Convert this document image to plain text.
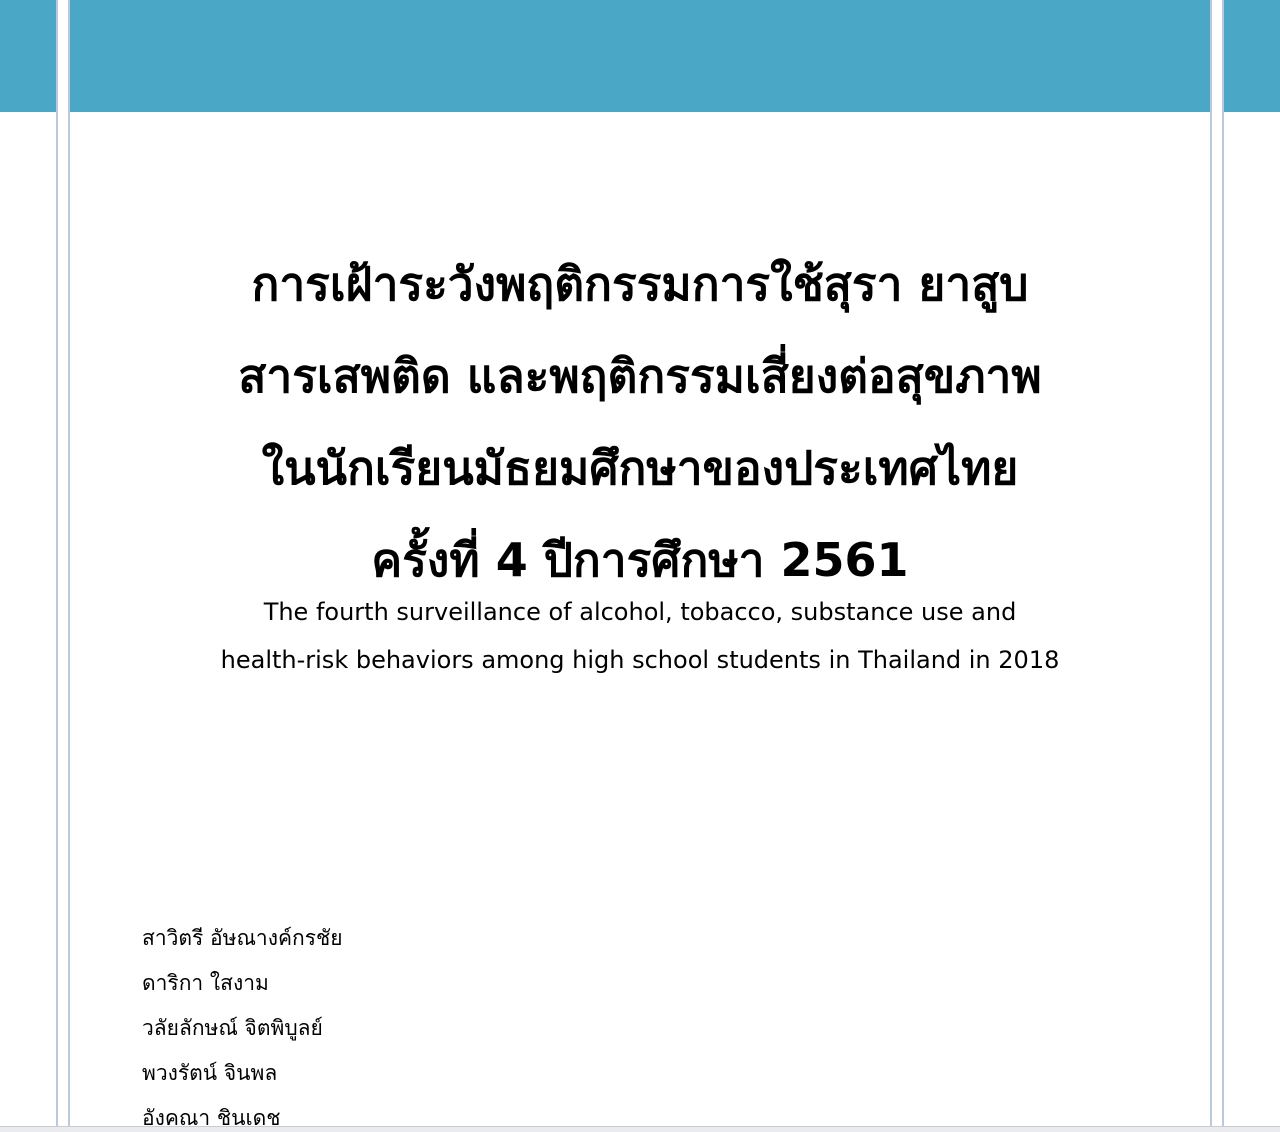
การเฝ้าระวังพฤติกรรมการใช้สุรา ยาสูบ
สารเสพติด และพฤติกรรมเสี่ยงต่อสุขภาพ
ในนักเรียนมัธยมศึกษาของประเทศไทย
ครั้งที่ 4 ปีการศึกษา 2561
The fourth surveillance of alcohol, tobacco, substance use and
health-risk behaviors among high school students in Thailand in 2018
สาวิตรี อัษณางค์กรชัย
ดาริกา ใสงาม
วลัยลักษณ์ จิตพิบูลย์
พวงรัตน์ จินพล
อังคณา ชินเดช
